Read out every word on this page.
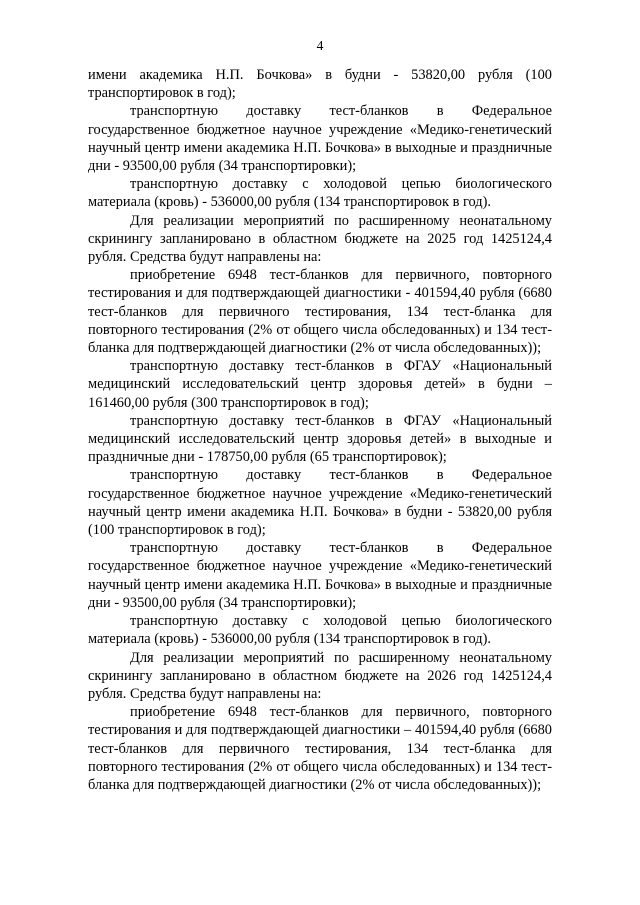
4

имени академика Н.П. Бочкова» в будни - 53820,00 рубля (100 транспортировок в год);

транспортную доставку тест-бланков в Федеральное государственное бюджетное научное учреждение «Медико-генетический научный центр имени академика Н.П. Бочкова» в выходные и праздничные дни - 93500,00 рубля (34 транспортировки);

транспортную доставку с холодовой цепью биологического материала (кровь) - 536000,00 рубля (134 транспортировок в год).

Для реализации мероприятий по расширенному неонатальному скринингу запланировано в областном бюджете на 2025 год 1425124,4 рубля. Средства будут направлены на:

приобретение 6948 тест-бланков для первичного, повторного тестирования и для подтверждающей диагностики - 401594,40 рубля (6680 тест-бланков для первичного тестирования, 134 тест-бланка для повторного тестирования (2% от общего числа обследованных) и 134 тест-бланка для подтверждающей диагностики (2% от числа обследованных));

транспортную доставку тест-бланков в ФГАУ «Национальный медицинский исследовательский центр здоровья детей» в будни – 161460,00 рубля (300 транспортировок в год);

транспортную доставку тест-бланков в ФГАУ «Национальный медицинский исследовательский центр здоровья детей» в выходные и праздничные дни - 178750,00 рубля (65 транспортировок);

транспортную доставку тест-бланков в Федеральное государственное бюджетное научное учреждение «Медико-генетический научный центр имени академика Н.П. Бочкова» в будни - 53820,00 рубля (100 транспортировок в год);

транспортную доставку тест-бланков в Федеральное государственное бюджетное научное учреждение «Медико-генетический научный центр имени академика Н.П. Бочкова» в выходные и праздничные дни - 93500,00 рубля (34 транспортировки);

транспортную доставку с холодовой цепью биологического материала (кровь) - 536000,00 рубля (134 транспортировок в год).

Для реализации мероприятий по расширенному неонатальному скринингу запланировано в областном бюджете на 2026 год 1425124,4 рубля. Средства будут направлены на:

приобретение 6948 тест-бланков для первичного, повторного тестирования и для подтверждающей диагностики – 401594,40 рубля (6680 тест-бланков для первичного тестирования, 134 тест-бланка для повторного тестирования (2% от общего числа обследованных) и 134 тест-бланка для подтверждающей диагностики (2% от числа обследованных));
